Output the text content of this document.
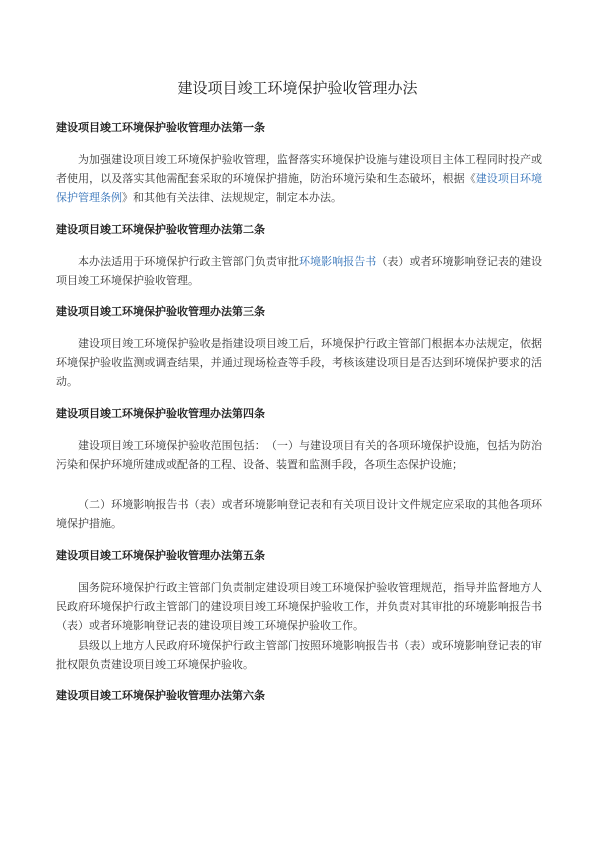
建设项目竣工环境保护验收管理办法

建设项目竣工环境保护验收管理办法第一条

为加强建设项目竣工环境保护验收管理，监督落实环境保护设施与建设项目主体工程同时投产或者使用，以及落实其他需配套采取的环境保护措施，防治环境污染和生态破坏，根据《建设项目环境保护管理条例》和其他有关法律、法规规定，制定本办法。

建设项目竣工环境保护验收管理办法第二条

本办法适用于环境保护行政主管部门负责审批环境影响报告书（表）或者环境影响登记表的建设项目竣工环境保护验收管理。

建设项目竣工环境保护验收管理办法第三条

建设项目竣工环境保护验收是指建设项目竣工后，环境保护行政主管部门根据本办法规定，依据环境保护验收监测或调查结果，并通过现场检查等手段，考核该建设项目是否达到环境保护要求的活动。

建设项目竣工环境保护验收管理办法第四条

建设项目竣工环境保护验收范围包括：　（一）与建设项目有关的各项环境保护设施，包括为防治污染和保护环境所建成或配备的工程、设备、装置和监测手段，各项生态保护设施；

（二）环境影响报告书（表）或者环境影响登记表和有关项目设计文件规定应采取的其他各项环境保护措施。

建设项目竣工环境保护验收管理办法第五条

国务院环境保护行政主管部门负责制定建设项目竣工环境保护验收管理规范，指导并监督地方人民政府环境保护行政主管部门的建设项目竣工环境保护验收工作，并负责对其审批的环境影响报告书（表）或者环境影响登记表的建设项目竣工环境保护验收工作。

县级以上地方人民政府环境保护行政主管部门按照环境影响报告书（表）或环境影响登记表的审批权限负责建设项目竣工环境保护验收。

建设项目竣工环境保护验收管理办法第六条
